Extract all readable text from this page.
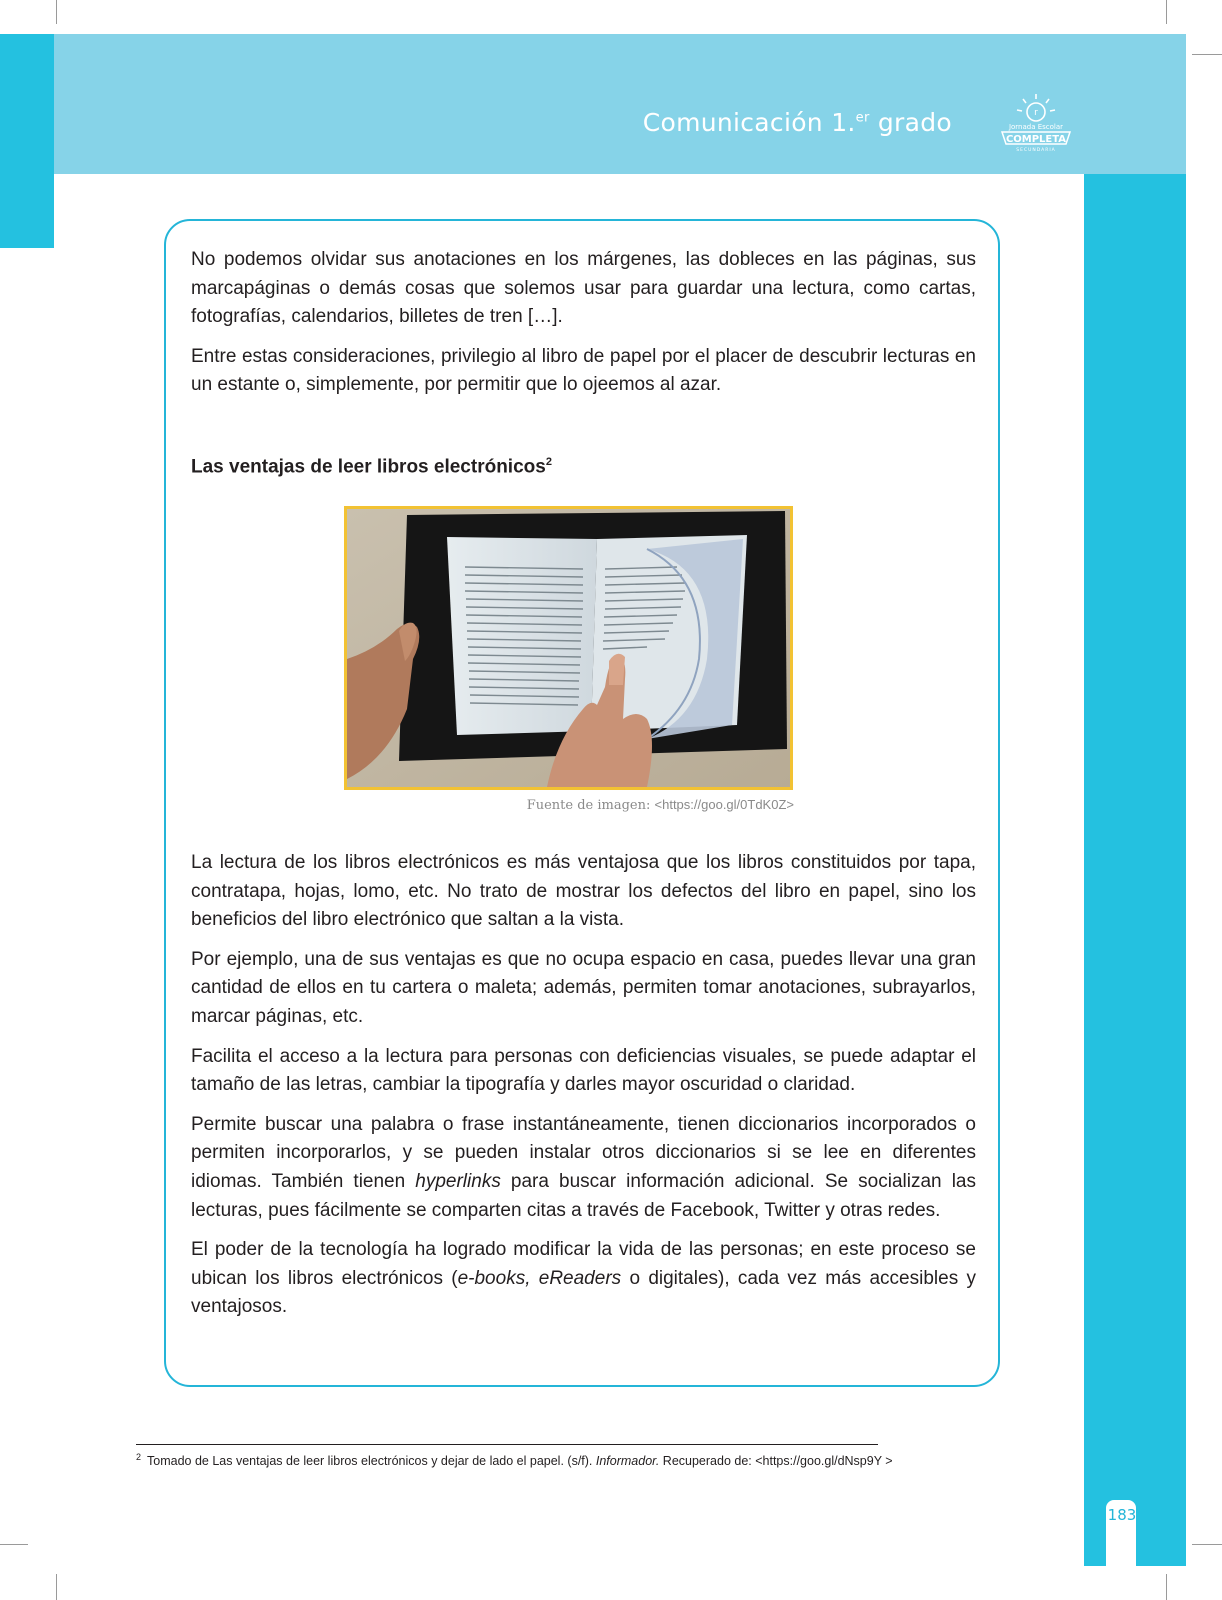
Comunicación 1.$^{er}$ grado	r
Jornada Escolar
COMPLETA
SECUNDARIA

No podemos olvidar sus anotaciones en los márgenes, las dobleces en las páginas, sus marcapáginas o demás cosas que solemos usar para guardar una lectura, como cartas, fotografías, calendarios, billetes de tren […].

Entre estas consideraciones, privilegio al libro de papel por el placer de descubrir lecturas en un estante o, simplemente, por permitir que lo ojeemos al azar.

Las ventajas de leer libros electrónicos$^2$
Fuente de imagen: <https://goo.gl/0TdK0Z>

La lectura de los libros electrónicos es más ventajosa que los libros constituidos por tapa, contratapa, hojas, lomo, etc. No trato de mostrar los defectos del libro en papel, sino los beneficios del libro electrónico que saltan a la vista.

Por ejemplo, una de sus ventajas es que no ocupa espacio en casa, puedes llevar una gran cantidad de ellos en tu cartera o maleta; además, permiten tomar anotaciones, subrayarlos, marcar páginas, etc.

Facilita el acceso a la lectura para personas con deficiencias visuales, se puede adaptar el tamaño de las letras, cambiar la tipografía y darles mayor oscuridad o claridad.

Permite buscar una palabra o frase instantáneamente, tienen diccionarios incorporados o permiten incorporarlos, y se pueden instalar otros diccionarios si se lee en diferentes idiomas. También tienen hyperlinks para buscar información adicional. Se socializan las lecturas, pues fácilmente se comparten citas a través de Facebook, Twitter y otras redes.

El poder de la tecnología ha logrado modificar la vida de las personas; en este proceso se ubican los libros electrónicos (e-books, eReaders o digitales), cada vez más accesibles y ventajosos.

$^2$ Tomado de Las ventajas de leer libros electrónicos y dejar de lado el papel. (s/f). Informador. Recuperado de: <https://goo.gl/dNsp9Y >
183
